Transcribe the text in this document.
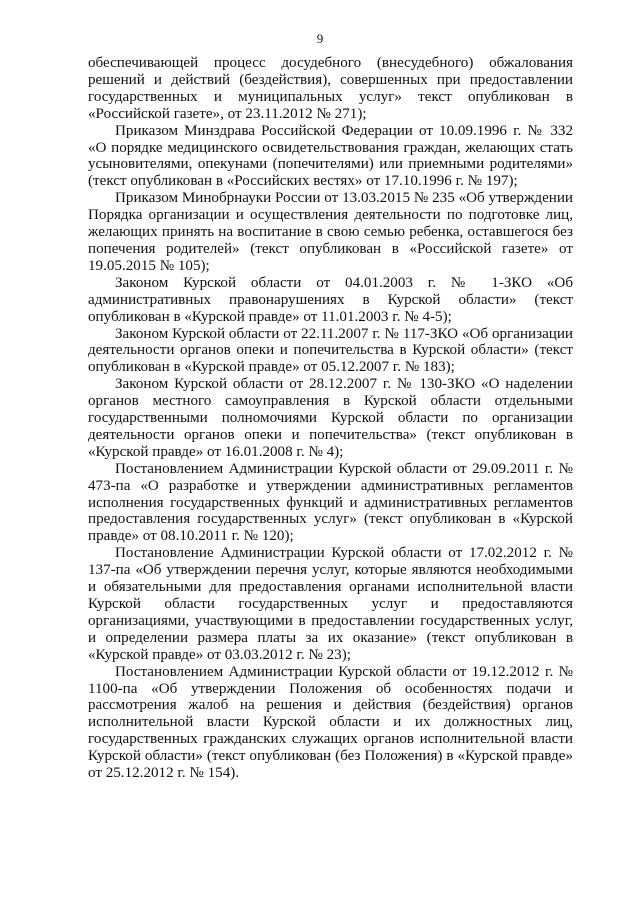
9

обеспечивающей процесс досудебного (внесудебного) обжалования решений и действий (бездействия), совершенных при предоставлении государственных и муниципальных услуг» текст опубликован в «Российской газете», от 23.11.2012 № 271);

Приказом Минздрава Российской Федерации от 10.09.1996 г. № 332 «О порядке медицинского освидетельствования граждан, желающих стать усыновителями, опекунами (попечителями) или приемными родителями» (текст опубликован в «Российских вестях» от 17.10.1996 г. № 197);

Приказом Минобрнауки России от 13.03.2015 № 235 «Об утверждении Порядка организации и осуществления деятельности по подготовке лиц, желающих принять на воспитание в свою семью ребенка, оставшегося без попечения родителей» (текст опубликован в «Российской газете» от 19.05.2015 № 105);

Законом Курской области от 04.01.2003 г. № 1-ЗКО «Об административных правонарушениях в Курской области» (текст опубликован в «Курской правде» от 11.01.2003 г. № 4-5);

Законом Курской области от 22.11.2007 г. № 117-ЗКО «Об организации деятельности органов опеки и попечительства в Курской области» (текст опубликован в «Курской правде» от 05.12.2007 г. № 183);

Законом Курской области от 28.12.2007 г. № 130-ЗКО «О наделении органов местного самоуправления в Курской области отдельными государственными полномочиями Курской области по организации деятельности органов опеки и попечительства» (текст опубликован в «Курской правде» от 16.01.2008 г. № 4);

Постановлением Администрации Курской области от 29.09.2011 г. № 473-па «О разработке и утверждении административных регламентов исполнения государственных функций и административных регламентов предоставления государственных услуг» (текст опубликован в «Курской правде» от 08.10.2011 г. № 120);

Постановление Администрации Курской области от 17.02.2012 г. № 137-па «Об утверждении перечня услуг, которые являются необходимыми и обязательными для предоставления органами исполнительной власти Курской области государственных услуг и предоставляются организациями, участвующими в предоставлении государственных услуг, и определении размера платы за их оказание» (текст опубликован в «Курской правде» от 03.03.2012 г. № 23);

Постановлением Администрации Курской области от 19.12.2012 г. № 1100-па «Об утверждении Положения об особенностях подачи и рассмотрения жалоб на решения и действия (бездействия) органов исполнительной власти Курской области и их должностных лиц, государственных гражданских служащих органов исполнительной власти Курской области» (текст опубликован (без Положения) в «Курской правде» от 25.12.2012 г. № 154).
